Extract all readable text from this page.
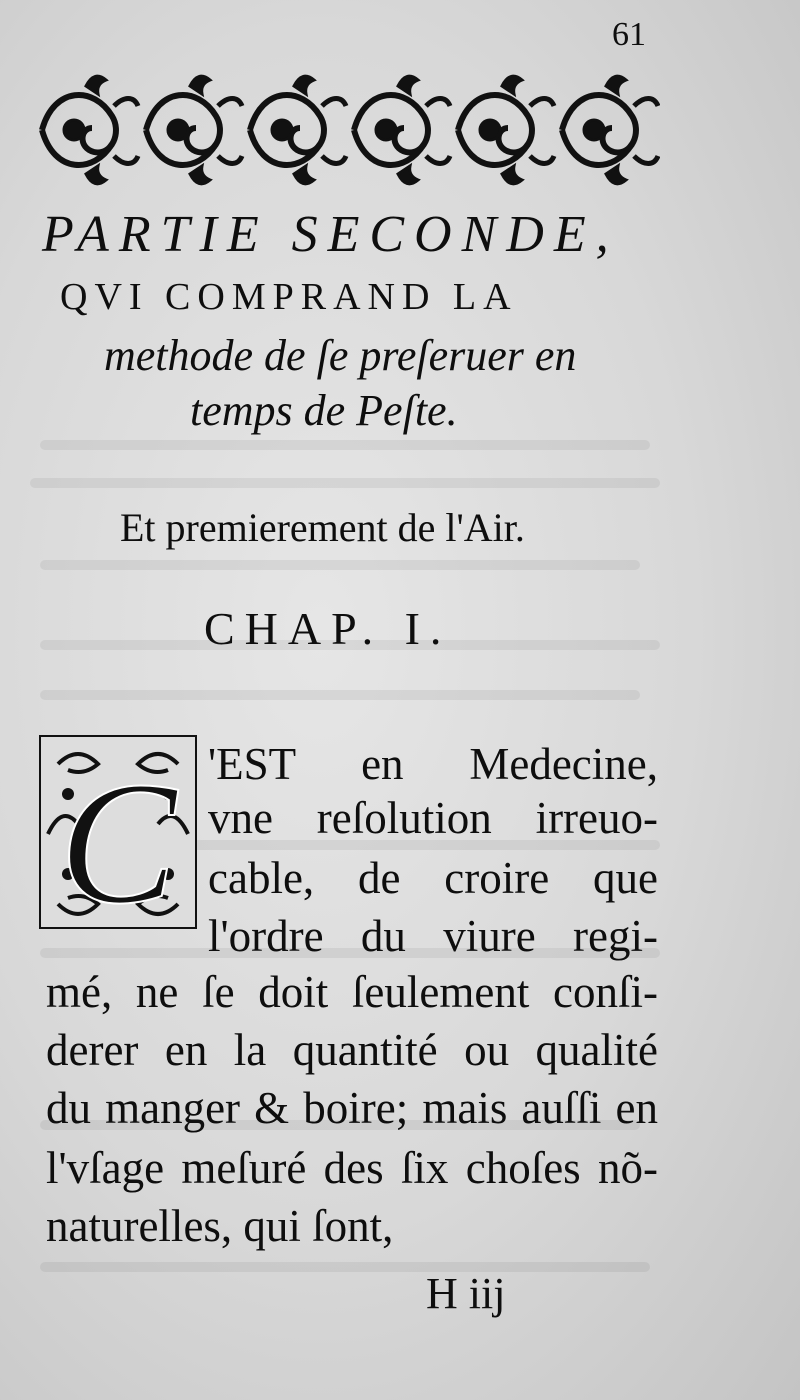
61
PARTIE SECONDE,
QVI COMPRAND LA
methode de ſe preſeruer en
temps de Peſte.
Et premierement de l'Air.
CHAP. I.
C 'EST en Medecine,
vne reſolution irreuo-
cable, de croire que
l'ordre du viure regi-
mé, ne ſe doit ſeulement conſi-
derer en la quantité ou qualité
du manger & boire; mais auſſi en
l'vſage meſuré des ſix choſes nõ-
naturelles, qui ſont,
H iij
